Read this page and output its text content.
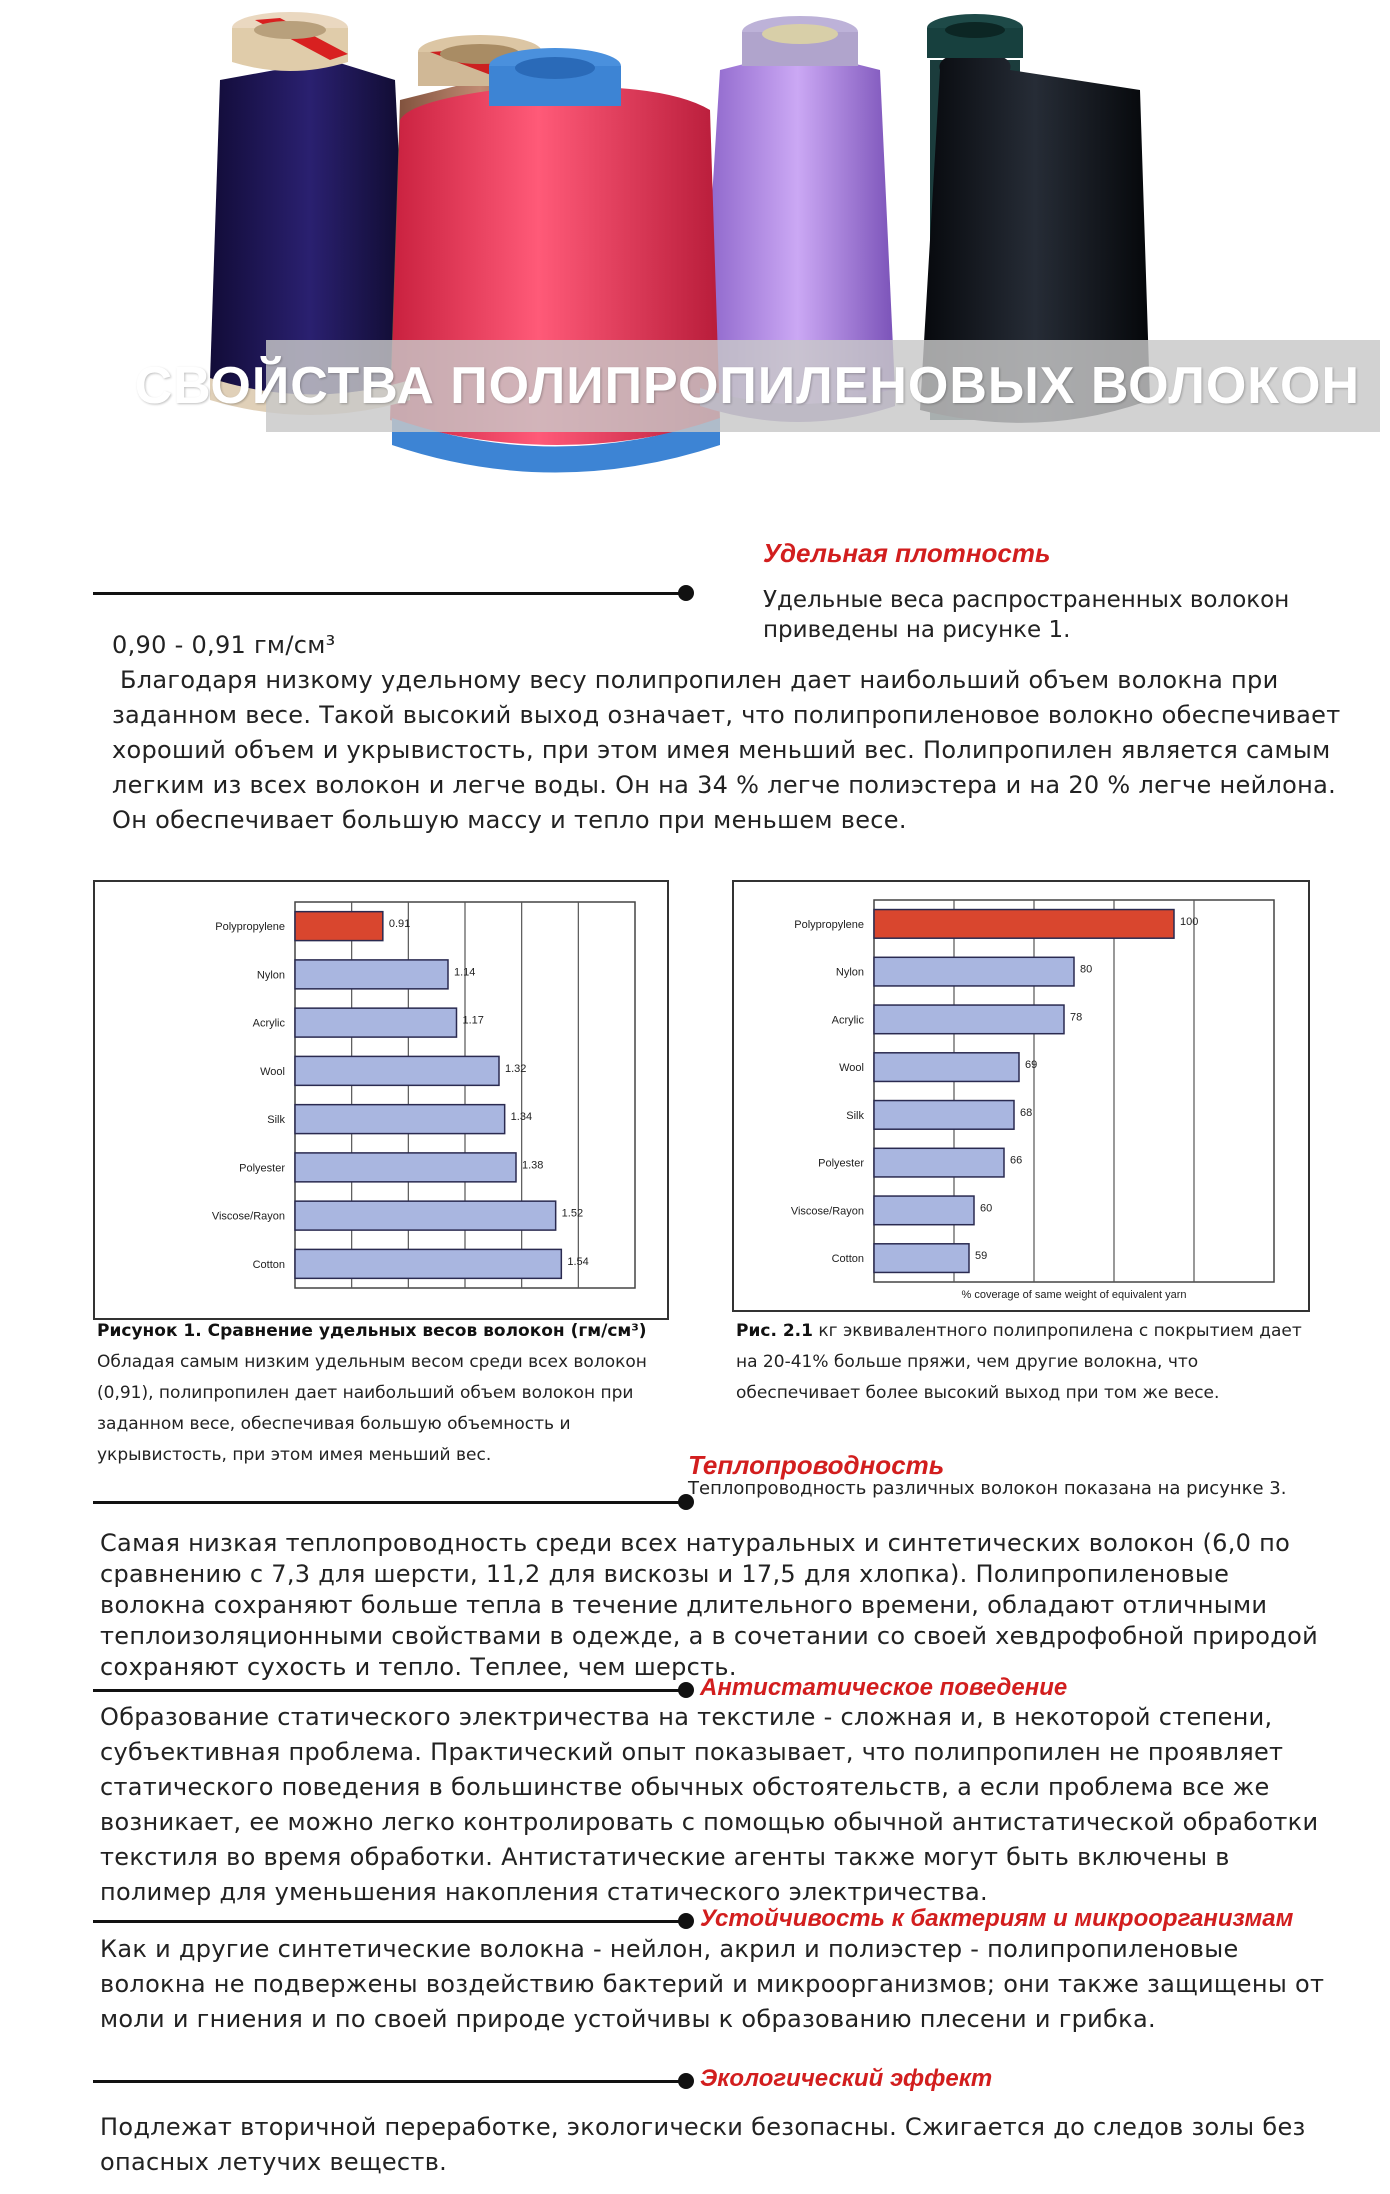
СВОЙСТВА ПОЛИПРОПИЛЕНОВЫХ ВОЛОКОН
Удельная плотность
Удельные веса распространенных волокон приведены на рисунке 1.
0,90 - 0,91 гм/см³
Благодаря низкому удельному весу полипропилен дает наибольший объем волокна при заданном весе. Такой высокий выход означает, что полипропиленовое волокно обеспечивает хороший объем и укрывистость, при этом имея меньший вес. Полипропилен является самым легким из всех волокон и легче воды. Он на 34 % легче полиэстера и на 20 % легче нейлона. Он обеспечивает большую массу и тепло при меньшем весе.
Polypropylene	0.91
Nylon	1.14
Acrylic	1.17
Wool	1.32
Silk	1.34
Polyester	1.38
Viscose/Rayon	1.52
Cotton	1.54
Рисунок 1. Сравнение удельных весов волокон (гм/см³)
Обладая самым низким удельным весом среди всех волокон (0,91), полипропилен дает наибольший объем волокон при заданном весе, обеспечивая большую объемность и укрывистость, при этом имея меньший вес.
Polypropylene	100
Nylon	80
Acrylic	78
Wool	69
Silk	68
Polyester	66
Viscose/Rayon	60
Cotton	59
% coverage of same weight of equivalent yarn
Рис. 2.1 кг эквивалентного полипропилена с покрытием дает на 20-41% больше пряжи, чем другие волокна, что обеспечивает более высокий выход при том же весе.
Теплопроводность
Теплопроводность различных волокон показана на рисунке 3.
Самая низкая теплопроводность среди всех натуральных и синтетических волокон (6,0 по сравнению с 7,3 для шерсти, 11,2 для вискозы и 17,5 для хлопка). Полипропиленовые волокна сохраняют больше тепла в течение длительного времени, обладают отличными теплоизоляционными свойствами в одежде, а в сочетании со своей хевдрофобной природой сохраняют сухость и тепло. Теплее, чем шерсть.
Антистатическое поведение
Образование статического электричества на текстиле - сложная и, в некоторой степени, субъективная проблема. Практический опыт показывает, что полипропилен не проявляет статического поведения в большинстве обычных обстоятельств, а если проблема все же возникает, ее можно легко контролировать с помощью обычной антистатической обработки текстиля во время обработки. Антистатические агенты также могут быть включены в полимер для уменьшения накопления статического электричества.
Устойчивость к бактериям и микроорганизмам
Как и другие синтетические волокна - нейлон, акрил и полиэстер - полипропиленовые волокна не подвержены воздействию бактерий и микроорганизмов; они также защищены от моли и гниения и по своей природе устойчивы к образованию плесени и грибка.
Экологический эффект
Подлежат вторичной переработке, экологически безопасны. Сжигается до следов золы без опасных летучих веществ.
